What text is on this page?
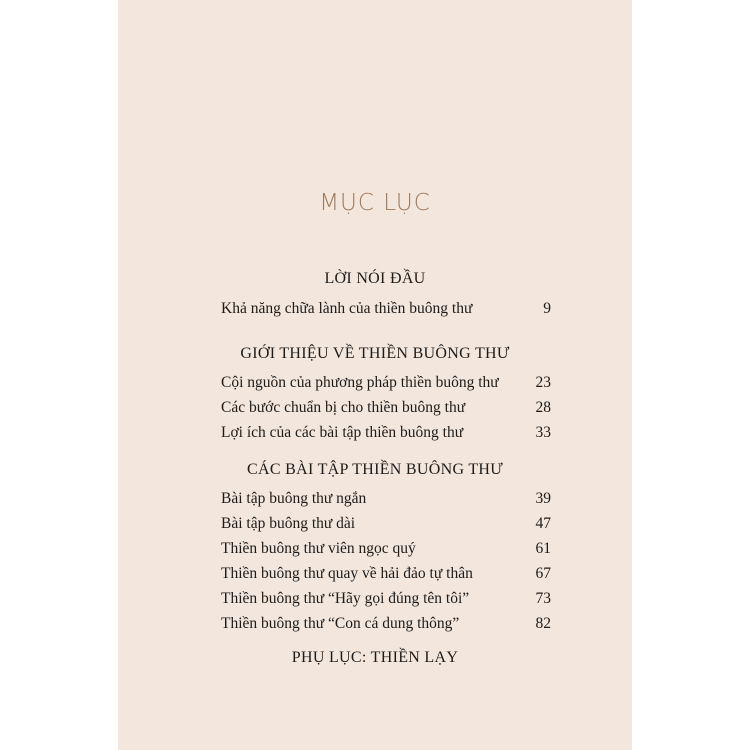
MỤC LỤC
LỜI NÓI ĐẦU
Khả năng chữa lành của thiền buông thư	9
GIỚI THIỆU VỀ THIỀN BUÔNG THƯ
Cội nguồn của phương pháp thiền buông thư 23
Các bước chuẩn bị cho thiền buông thư	28
Lợi ích của các bài tập thiền buông thư	33
CÁC BÀI TẬP THIỀN BUÔNG THƯ
Bài tập buông thư ngắn	39
Bài tập buông thư dài	47
Thiền buông thư viên ngọc quý	61
Thiền buông thư quay về hải đảo tự thân	67
Thiền buông thư “Hãy gọi đúng tên tôi”	73
Thiền buông thư “Con cá dung thông”	82
PHỤ LỤC: THIỀN LẠY
